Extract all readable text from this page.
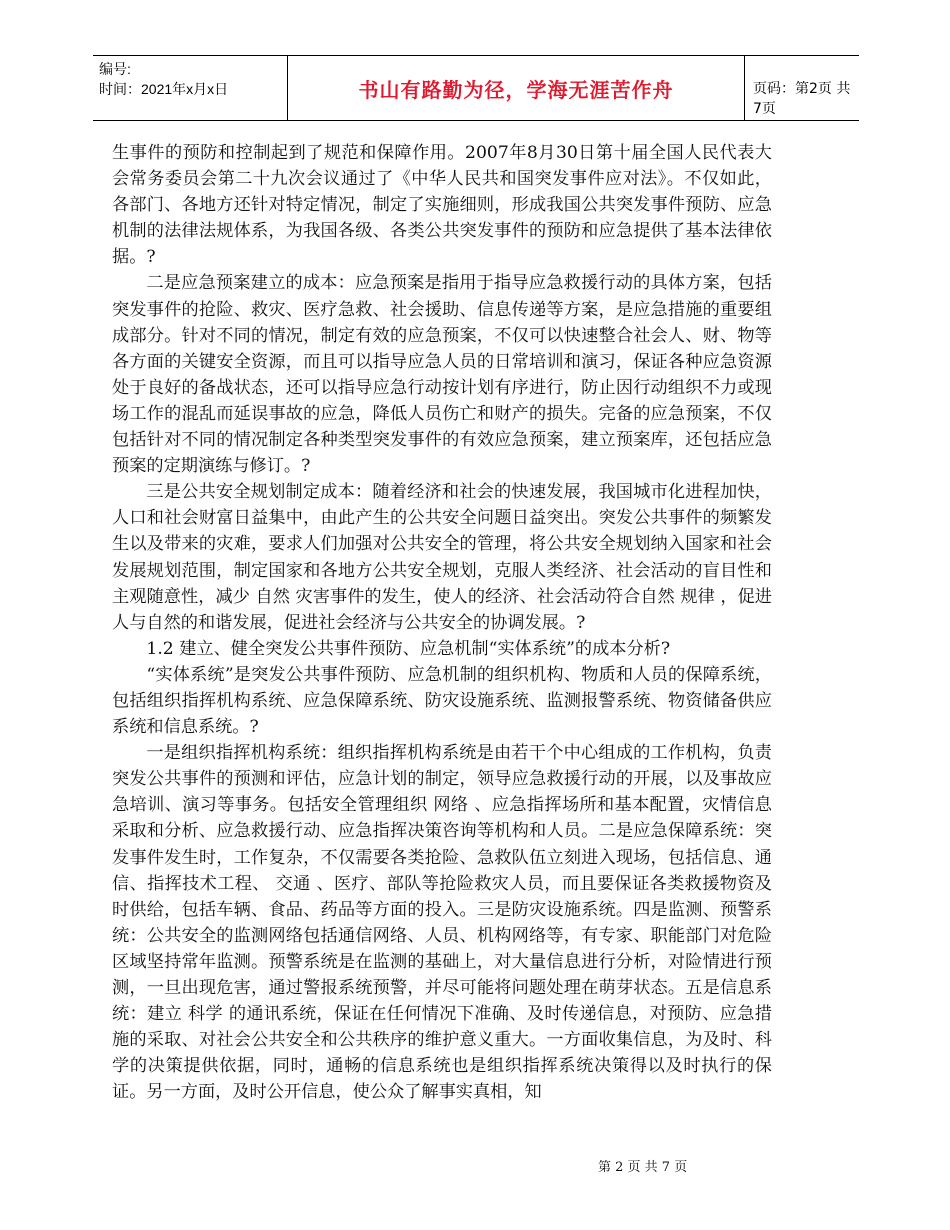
编号:
时间：2021年x月x日	书山有路勤为径，学海无涯苦作舟	页码：第2页 共7页

生事件的预防和控制起到了规范和保障作用。2007年8月30日第十届全国人民代表大会常务委员会第二十九次会议通过了《中华人民共和国突发事件应对法》。不仅如此，各部门、各地方还针对特定情况，制定了实施细则，形成我国公共突发事件预防、应急机制的法律法规体系，为我国各级、各类公共突发事件的预防和应急提供了基本法律依据。?

二是应急预案建立的成本：应急预案是指用于指导应急救援行动的具体方案，包括突发事件的抢险、救灾、医疗急救、社会援助、信息传递等方案，是应急措施的重要组成部分。针对不同的情况，制定有效的应急预案，不仅可以快速整合社会人、财、物等各方面的关键安全资源，而且可以指导应急人员的日常培训和演习，保证各种应急资源处于良好的备战状态，还可以指导应急行动按计划有序进行，防止因行动组织不力或现场工作的混乱而延误事故的应急，降低人员伤亡和财产的损失。完备的应急预案，不仅包括针对不同的情况制定各种类型突发事件的有效应急预案，建立预案库，还包括应急预案的定期演练与修订。?

三是公共安全规划制定成本：随着经济和社会的快速发展，我国城市化进程加快，人口和社会财富日益集中，由此产生的公共安全问题日益突出。突发公共事件的频繁发生以及带来的灾难，要求人们加强对公共安全的管理，将公共安全规划纳入国家和社会发展规划范围，制定国家和各地方公共安全规划，克服人类经济、社会活动的盲目性和主观随意性，减少 自然 灾害事件的发生，使人的经济、社会活动符合自然 规律 ，促进人与自然的和谐发展，促进社会经济与公共安全的协调发展。?

1.2 建立、健全突发公共事件预防、应急机制“实体系统”的成本分析?

“实体系统”是突发公共事件预防、应急机制的组织机构、物质和人员的保障系统，包括组织指挥机构系统、应急保障系统、防灾设施系统、监测报警系统、物资储备供应系统和信息系统。?

一是组织指挥机构系统：组织指挥机构系统是由若干个中心组成的工作机构，负责突发公共事件的预测和评估，应急计划的制定，领导应急救援行动的开展，以及事故应急培训、演习等事务。包括安全管理组织 网络 、应急指挥场所和基本配置，灾情信息采取和分析、应急救援行动、应急指挥决策咨询等机构和人员。二是应急保障系统：突发事件发生时，工作复杂，不仅需要各类抢险、急救队伍立刻进入现场，包括信息、通信、指挥技术工程、 交通 、医疗、部队等抢险救灾人员，而且要保证各类救援物资及时供给，包括车辆、食品、药品等方面的投入。三是防灾设施系统。四是监测、预警系统：公共安全的监测网络包括通信网络、人员、机构网络等，有专家、职能部门对危险区域坚持常年监测。预警系统是在监测的基础上，对大量信息进行分析，对险情进行预测，一旦出现危害，通过警报系统预警，并尽可能将问题处理在萌芽状态。五是信息系统：建立 科学 的通讯系统，保证在任何情况下准确、及时传递信息，对预防、应急措施的采取、对社会公共安全和公共秩序的维护意义重大。一方面收集信息，为及时、科学的决策提供依据，同时，通畅的信息系统也是组织指挥系统决策得以及时执行的保证。另一方面，及时公开信息，使公众了解事实真相，知

第 2 页 共 7 页
